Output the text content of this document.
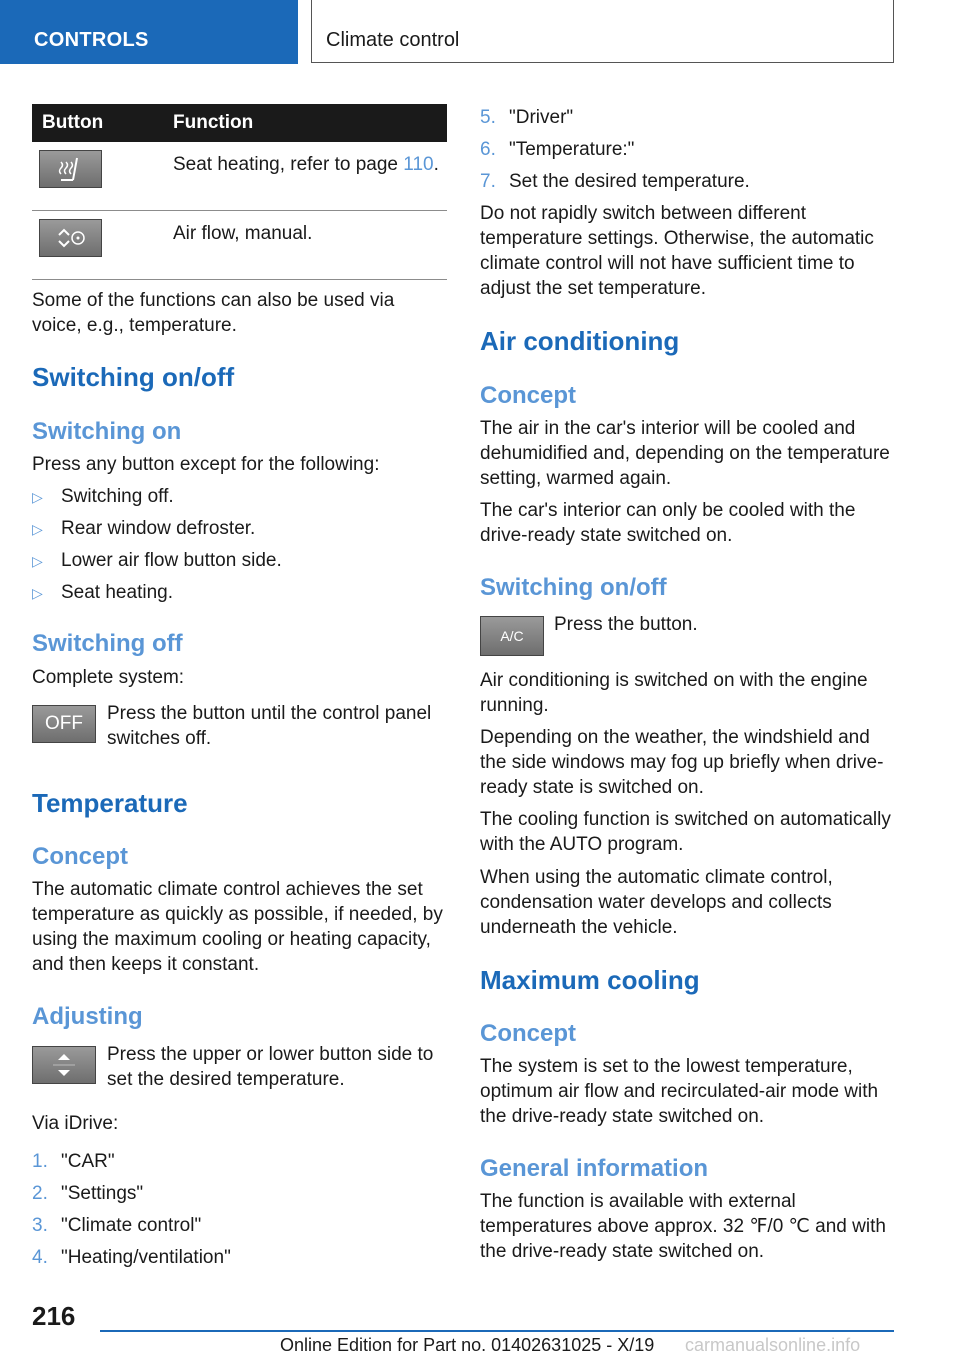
CONTROLS	Climate control
Button	Function

	Seat heating, refer to page 110.

	Air flow, manual.
Some of the functions can also be used via voice, e.g., temperature.
Switching on/off
Switching on
Press any button except for the following:
▷ Switching off.
▷ Rear window defroster.
▷ Lower air flow button side.
▷ Seat heating.
Switching off
Complete system:
OFF	Press the button until the control panel switches off.
Temperature
Concept
The automatic climate control achieves the set temperature as quickly as possible, if needed, by using the maximum cooling or heating capacity, and then keeps it constant.
Adjusting
Press the upper or lower button side to set the desired temperature.
Via iDrive:
1. "CAR"
2. "Settings"
3. "Climate control"
4. "Heating/ventilation"
5. "Driver"
6. "Temperature:"
7. Set the desired temperature.
Do not rapidly switch between different temperature settings. Otherwise, the automatic climate control will not have sufficient time to adjust the set temperature.
Air conditioning
Concept
The air in the car's interior will be cooled and dehumidified and, depending on the temperature setting, warmed again.
The car's interior can only be cooled with the drive-ready state switched on.
Switching on/off
A/C
Press the button.
Air conditioning is switched on with the engine running.
Depending on the weather, the windshield and the side windows may fog up briefly when drive-ready state is switched on.
The cooling function is switched on automatically with the AUTO program.
When using the automatic climate control, condensation water develops and collects underneath the vehicle.
Maximum cooling
Concept
The system is set to the lowest temperature, optimum air flow and recirculated-air mode with the drive-ready state switched on.
General information
The function is available with external temperatures above approx. 32 ℉/0 ℃ and with the drive-ready state switched on.
216
Online Edition for Part no. 01402631025 - X/19 carmanualsonline.info
